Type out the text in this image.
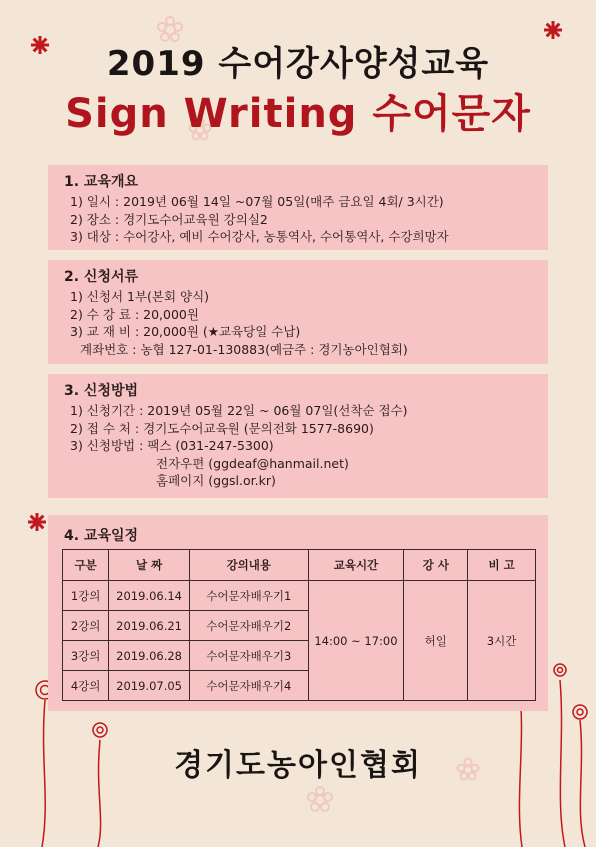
2019 수어강사양성교육
Sign Writing 수어문자
1. 교육개요
1) 일시 : 2019년 06월 14일 ~07월 05일(매주 금요일 4회/ 3시간)
2) 장소 : 경기도수어교육원 강의실2
3) 대상 : 수어강사, 예비 수어강사, 농통역사, 수어통역사, 수강희망자
2. 신청서류
1) 신청서 1부(본회 양식)
2) 수 강 료 : 20,000원
3) 교 재 비 : 20,000원 (★교육당일 수납)
계좌번호 : 농협 127-01-130883(예금주 : 경기농아인협회)
3. 신청방법
1) 신청기간 : 2019년 05월 22일 ~ 06월 07일(선착순 접수)
2) 접 수 처 : 경기도수어교육원 (문의전화 1577-8690)
3) 신청방법 : 팩스 (031-247-5300)
전자우편 (ggdeaf@hanmail.net)
홈페이지 (ggsl.or.kr)
4. 교육일정
구분	날 짜	강의내용	교육시간	강 사	비 고
1강의	2019.06.14	수어문자배우기1	14:00 ~ 17:00	허일	3시간
2강의	2019.06.21	수어문자배우기2			
3강의	2019.06.28	수어문자배우기3			
4강의	2019.07.05	수어문자배우기4			
경기도농아인협회
